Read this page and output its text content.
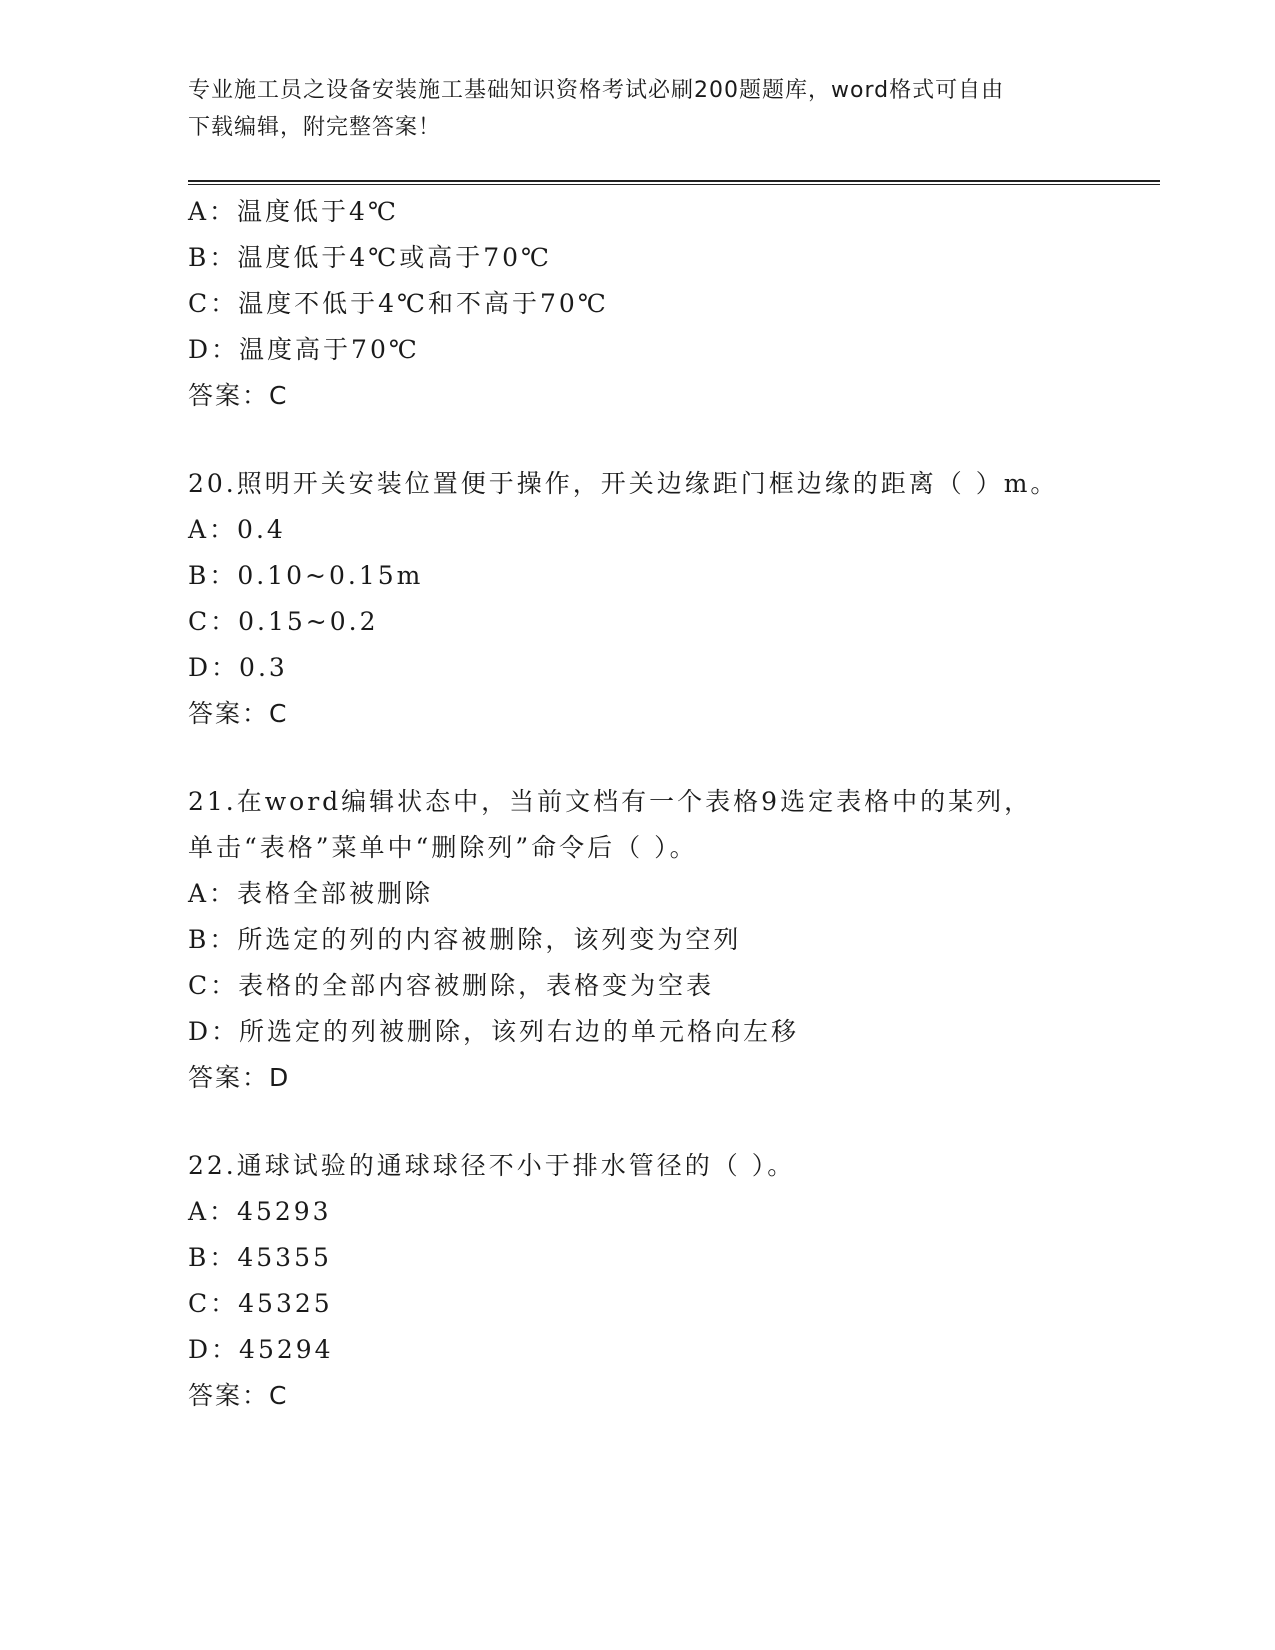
专业施工员之设备安装施工基础知识资格考试必刷200题题库，word格式可自由
下载编辑，附完整答案！

A：温度低于4℃
B：温度低于4℃或高于70℃
C：温度不低于4℃和不高于70℃
D：温度高于70℃
答案：C
20.照明开关安装位置便于操作，开关边缘距门框边缘的距离（ ）m。
A：0.4
B：0.10~0.15m
C：0.15~0.2
D：0.3
答案：C
21.在word编辑状态中，当前文档有一个表格9选定表格中的某列，
单击“表格”菜单中“删除列”命令后（ ）。
A：表格全部被删除
B：所选定的列的内容被删除，该列变为空列
C：表格的全部内容被删除，表格变为空表
D：所选定的列被删除，该列右边的单元格向左移
答案：D
22.通球试验的通球球径不小于排水管径的（ ）。
A：45293
B：45355
C：45325
D：45294
答案：C
